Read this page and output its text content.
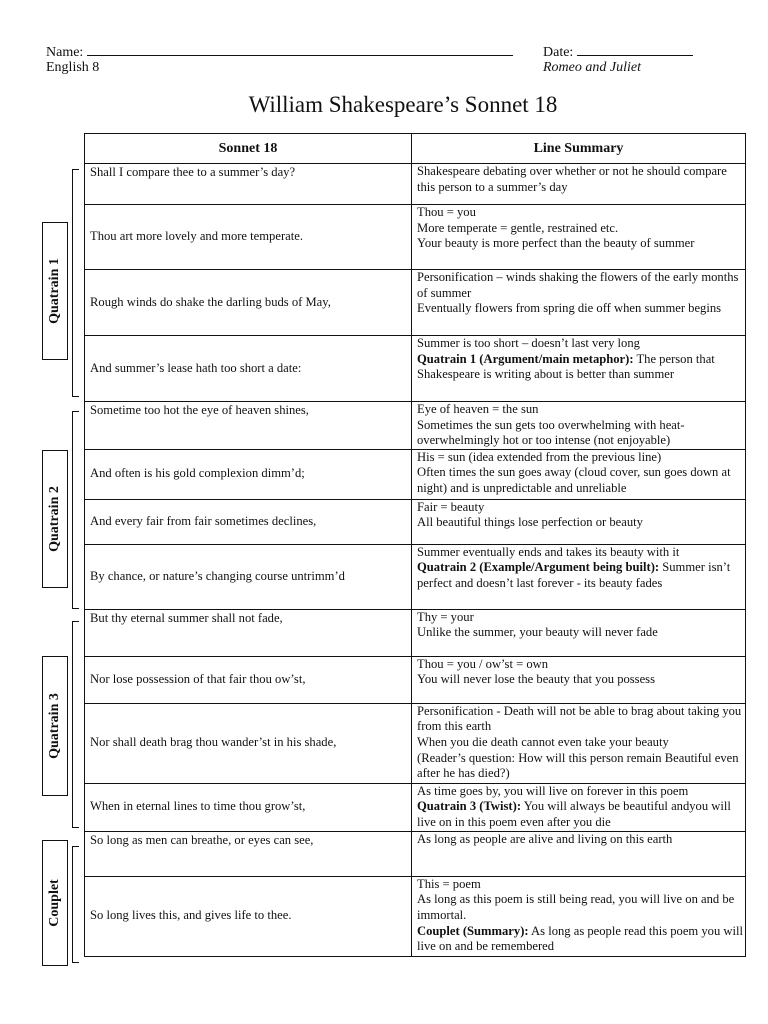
Name:
English 8
Date:
Romeo and Juliet
William Shakespeare’s Sonnet 18
Sonnet 18	Line Summary
Shall I compare thee to a summer’s day?	Shakespeare debating over whether or not he should compare this person to a summer’s day

Thou art more lovely and more temperate.	Thou = you
More temperate = gentle, restrained etc.
Your beauty is more perfect than the beauty of summer

Rough winds do shake the darling buds of May,	Personification – winds shaking the flowers of the early months of summer
Eventually flowers from spring die off when summer begins

And summer’s lease hath too short a date:	Summer is too short – doesn’t last very long
Quatrain 1 (Argument/main metaphor): The person that Shakespeare is writing about is better than summer

Sometime too hot the eye of heaven shines,	Eye of heaven = the sun
Sometimes the sun gets too overwhelming with heat- overwhelmingly hot or too intense (not enjoyable)

And often is his gold complexion dimm’d;	His = sun (idea extended from the previous line)
Often times the sun goes away (cloud cover, sun goes down at night) and is unpredictable and unreliable

And every fair from fair sometimes declines,	Fair = beauty
All beautiful things lose perfection or beauty

By chance, or nature’s changing course untrimm’d	Summer eventually ends and takes its beauty with it
Quatrain 2 (Example/Argument being built): Summer isn’t perfect and doesn’t last forever - its beauty fades

But thy eternal summer shall not fade,	Thy = your
Unlike the summer, your beauty will never fade

Nor lose possession of that fair thou ow’st,	Thou = you / ow’st = own
You will never lose the beauty that you possess

Nor shall death brag thou wander’st in his shade,	Personification - Death will not be able to brag about taking you from this earth
When you die death cannot even take your beauty
(Reader’s question: How will this person remain Beautiful even after he has died?)

When in eternal lines to time thou grow’st,	As time goes by, you will live on forever in this poem
Quatrain 3 (Twist): You will always be beautiful andyou will live on in this poem even after you die

So long as men can breathe, or eyes can see,	As long as people are alive and living on this earth

So long lives this, and gives life to thee.	This = poem
As long as this poem is still being read, you will live on and be immortal.
Couplet (Summary): As long as people read this poem you will live on and be remembered
Quatrain 1
Quatrain 2
Quatrain 3
Couplet
